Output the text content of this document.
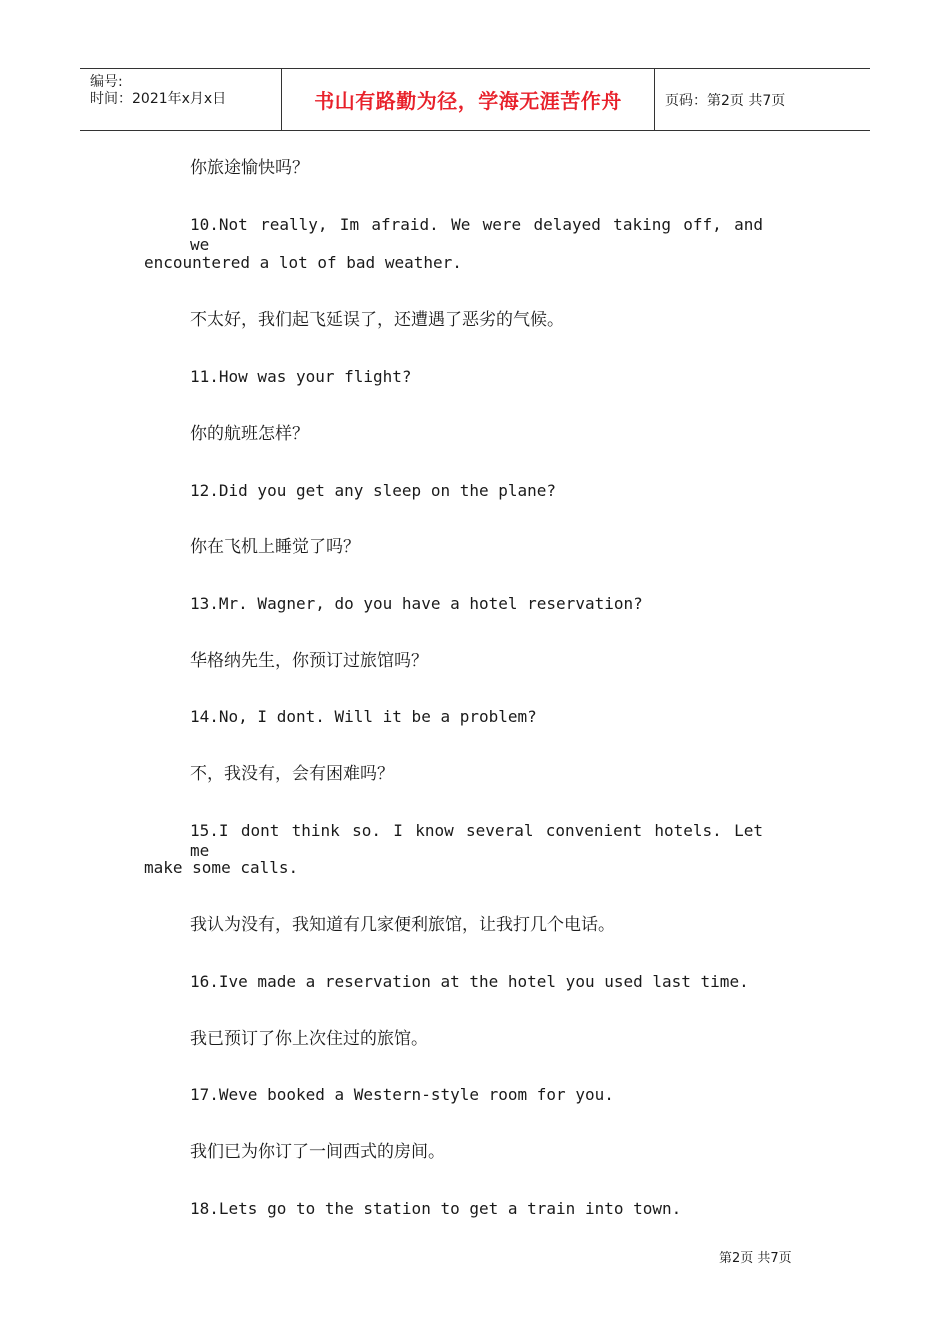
编号:
时间：2021年x月x日	书山有路勤为径，学海无涯苦作舟	页码：第2页 共7页
你旅途愉快吗？
10.Not really, Im afraid. We were delayed taking off, and we
encountered a lot of bad weather.
不太好，我们起飞延误了，还遭遇了恶劣的气候。
11.How was your flight?
你的航班怎样？
12.Did you get any sleep on the plane?
你在飞机上睡觉了吗？
13.Mr. Wagner, do you have a hotel reservation?
华格纳先生，你预订过旅馆吗？
14.No, I dont. Will it be a problem?
不，我没有，会有困难吗？
15.I dont think so. I know several convenient hotels. Let me
make some calls.
我认为没有，我知道有几家便利旅馆，让我打几个电话。
16.Ive made a reservation at the hotel you used last time.
我已预订了你上次住过的旅馆。
17.Weve booked a Western-style room for you.
我们已为你订了一间西式的房间。
18.Lets go to the station to get a train into town.
第2页 共7页
